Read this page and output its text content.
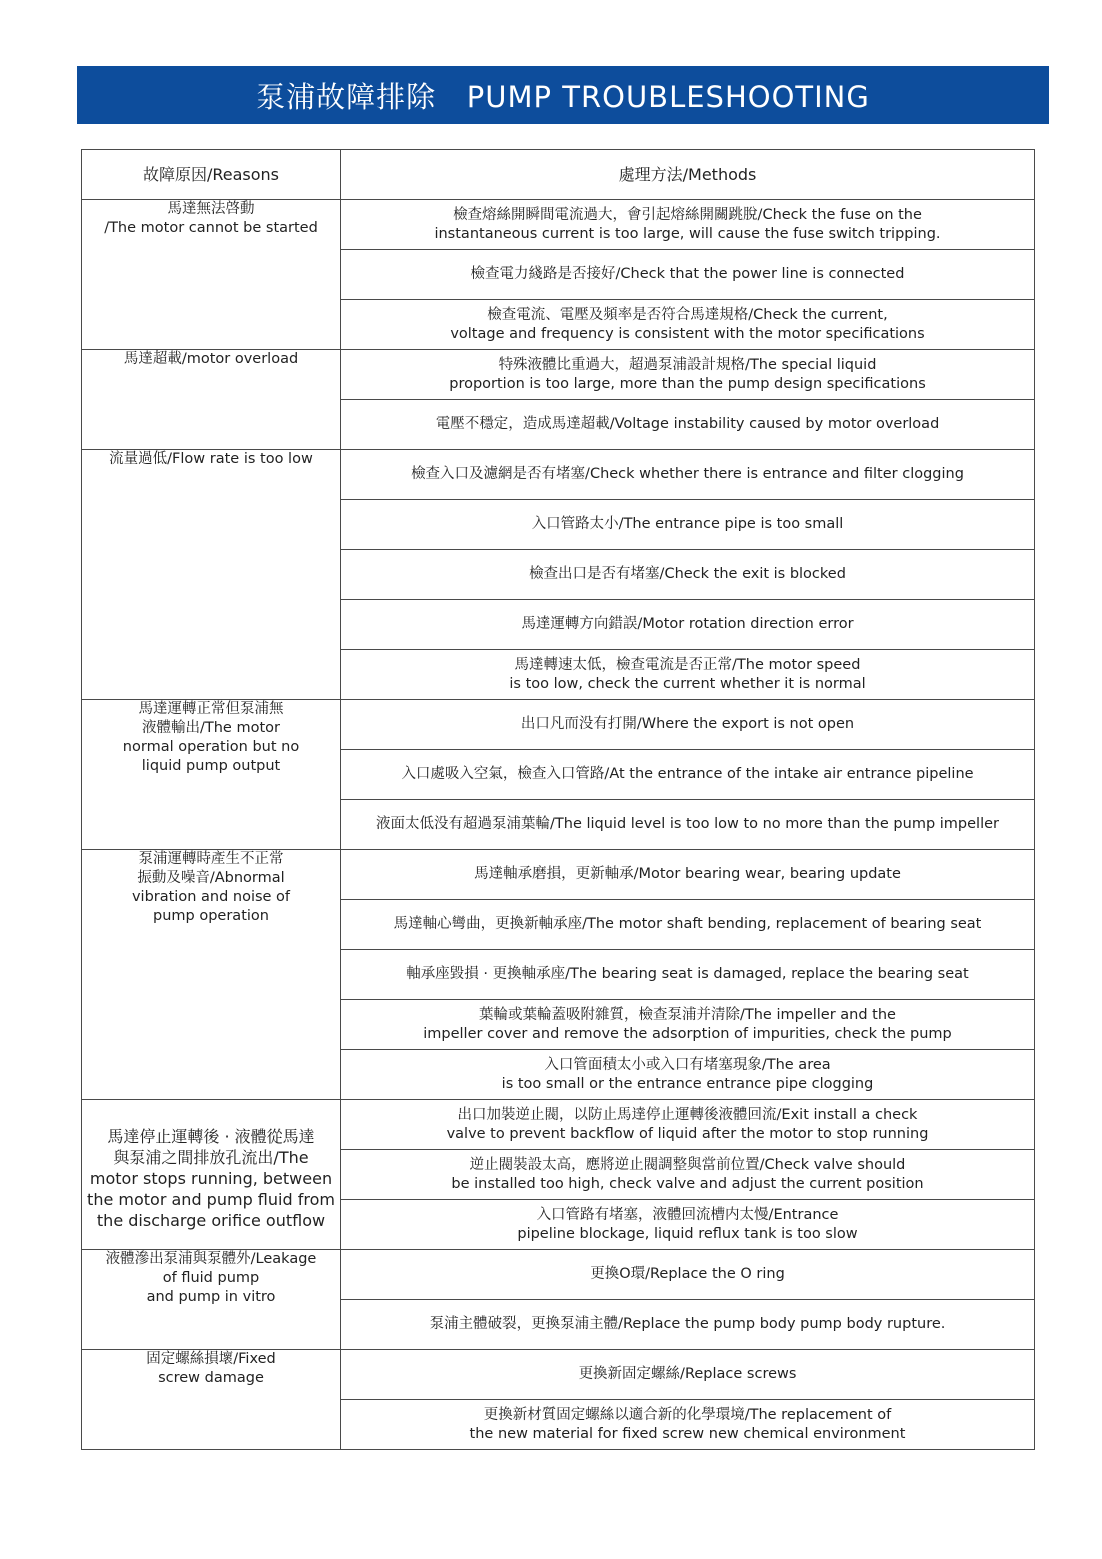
泵浦故障排除   PUMP TROUBLESHOOTING
故障原因/Reasons	處理方法/Methods
馬達無法啓動
/The motor cannot be started	檢查熔絲開瞬間電流過大，會引起熔絲開關跳脫/Check the fuse on the
instantaneous current is too large, will cause the fuse switch tripping.
	檢查電力綫路是否接好/Check that the power line is connected
	檢查電流、電壓及頻率是否符合馬達規格/Check the current,
voltage and frequency is consistent with the motor specifications
馬達超載/motor overload	特殊液體比重過大，超過泵浦設計規格/The special liquid
proportion is too large, more than the pump design specifications
	電壓不穩定，造成馬達超載/Voltage instability caused by motor overload
流量過低/Flow rate is too low	檢查入口及濾網是否有堵塞/Check whether there is entrance and filter clogging
	入口管路太小/The entrance pipe is too small
	檢查出口是否有堵塞/Check the exit is blocked
	馬達運轉方向錯誤/Motor rotation direction error
	馬達轉速太低，檢查電流是否正常/The motor speed
is too low, check the current whether it is normal
馬達運轉正常但泵浦無
液體輸出/The motor
normal operation but no
liquid pump output	出口凡而没有打開/Where the export is not open
	入口處吸入空氣，檢查入口管路/At the entrance of the intake air entrance pipeline
	液面太低没有超過泵浦葉輪/The liquid level is too low to no more than the pump impeller
泵浦運轉時產生不正常
振動及噪音/Abnormal
vibration and noise of
pump operation	馬達軸承磨損，更新軸承/Motor bearing wear, bearing update
	馬達軸心彎曲，更換新軸承座/The motor shaft bending, replacement of bearing seat
	軸承座毀損 · 更換軸承座/The bearing seat is damaged, replace the bearing seat
	葉輪或葉輪蓋吸附雜質，檢查泵浦并清除/The impeller and the
impeller cover and remove the adsorption of impurities, check the pump
	入口管面積太小或入口有堵塞現象/The area
is too small or the entrance entrance pipe clogging
馬達停止運轉後 · 液體從馬達
與泵浦之間排放孔流出/The
motor stops running, between
the motor and pump fluid from
the discharge orifice outflow	出口加裝逆止閥，以防止馬達停止運轉後液體回流/Exit install a check
valve to prevent backflow of liquid after the motor to stop running
	逆止閥裝設太高，應將逆止閥調整與當前位置/Check valve should
be installed too high, check valve and adjust the current position
	入口管路有堵塞，液體回流槽内太慢/Entrance
pipeline blockage, liquid reflux tank is too slow
液體滲出泵浦與泵體外/Leakage
of fluid pump
and pump in vitro	更換O環/Replace the O ring
	泵浦主體破裂，更換泵浦主體/Replace the pump body pump body rupture.
固定螺絲損壞/Fixed
screw damage	更換新固定螺絲/Replace screws
	更換新材質固定螺絲以適合新的化學環境/The replacement of
the new material for fixed screw new chemical environment
